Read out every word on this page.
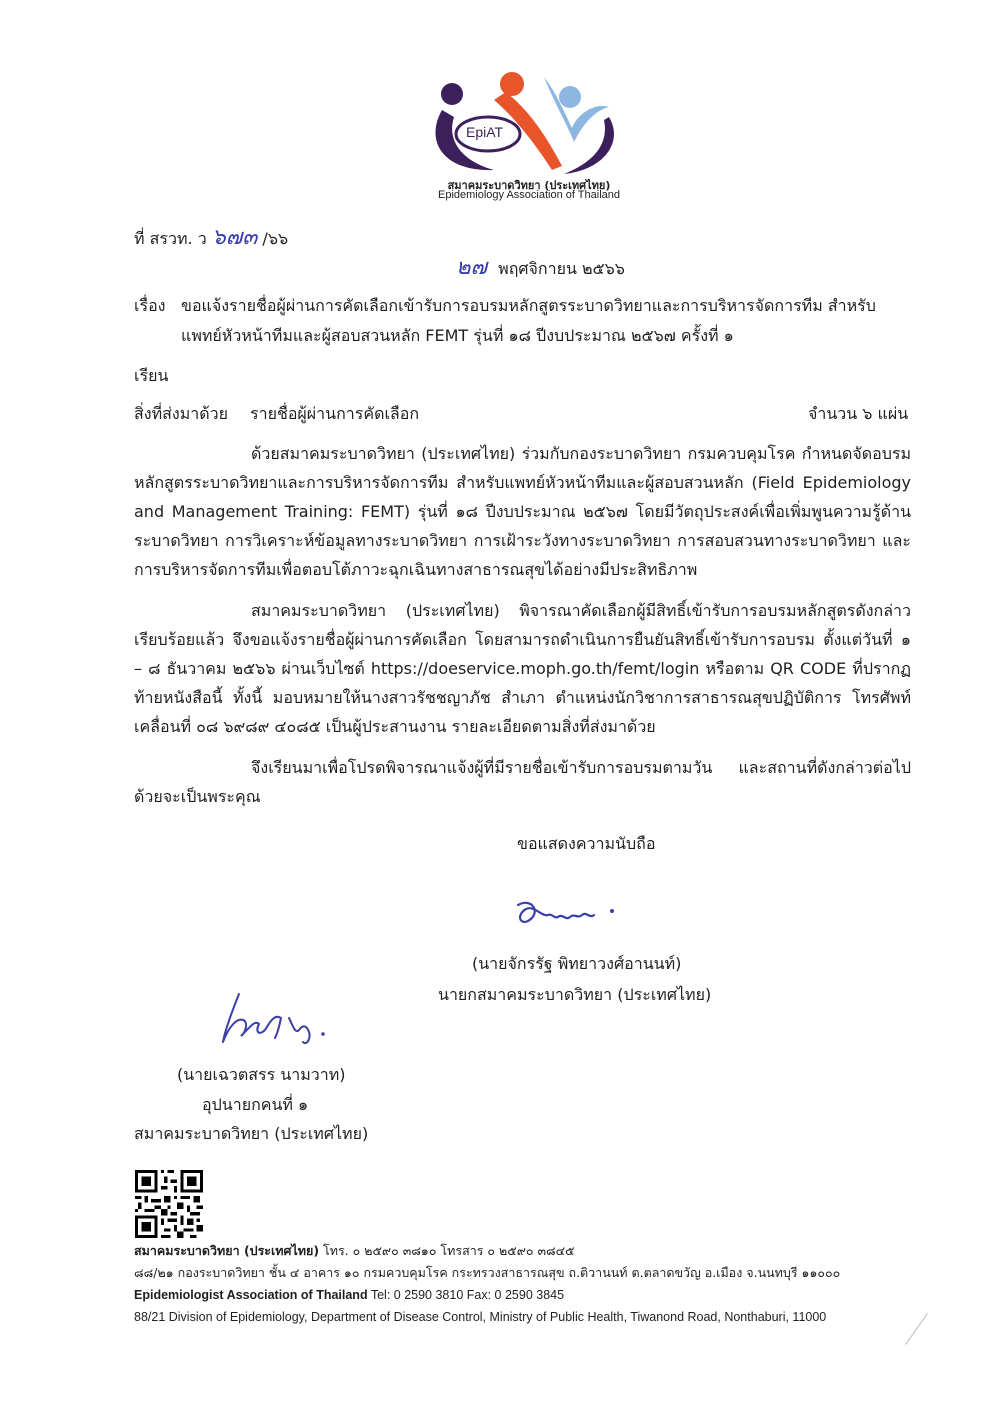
EpiAT
สมาคมระบาดวิทยา (ประเทศไทย)
Epidemiology Association of Thailand
ที่ สรวท. ว ๖๗๓ /๖๖
๒๗ พฤศจิกายน ๒๕๖๖
เรื่อง ขอแจ้งรายชื่อผู้ผ่านการคัดเลือกเข้ารับการอบรมหลักสูตรระบาดวิทยาและการบริหารจัดการทีม สำหรับ
แพทย์หัวหน้าทีมและผู้สอบสวนหลัก FEMT รุ่นที่ ๑๘ ปีงบประมาณ ๒๕๖๗ ครั้งที่ ๑
เรียน
สิ่งที่ส่งมาด้วย รายชื่อผู้ผ่านการคัดเลือก	จำนวน ๖ แผ่น

ด้วยสมาคมระบาดวิทยา (ประเทศไทย) ร่วมกับกองระบาดวิทยา กรมควบคุมโรค กำหนดจัดอบรมหลักสูตรระบาดวิทยาและการบริหารจัดการทีม สำหรับแพทย์หัวหน้าทีมและผู้สอบสวนหลัก (Field Epidemiology and Management Training: FEMT) รุ่นที่ ๑๘ ปีงบประมาณ ๒๕๖๗ โดยมีวัตถุประสงค์เพื่อเพิ่มพูนความรู้ด้านระบาดวิทยา การวิเคราะห์ข้อมูลทางระบาดวิทยา การเฝ้าระวังทางระบาดวิทยา การสอบสวนทางระบาดวิทยา และการบริหารจัดการทีมเพื่อตอบโต้ภาวะฉุกเฉินทางสาธารณสุขได้อย่างมีประสิทธิภาพ

สมาคมระบาดวิทยา (ประเทศไทย) พิจารณาคัดเลือกผู้มีสิทธิ์เข้ารับการอบรมหลักสูตรดังกล่าวเรียบร้อยแล้ว จึงขอแจ้งรายชื่อผู้ผ่านการคัดเลือก โดยสามารถดำเนินการยืนยันสิทธิ์เข้ารับการอบรม ตั้งแต่วันที่ ๑ – ๘ ธันวาคม ๒๕๖๖ ผ่านเว็บไซต์ https://doeservice.moph.go.th/femt/login หรือตาม QR CODE ที่ปรากฏท้ายหนังสือนี้ ทั้งนี้ มอบหมายให้นางสาวรัชชญาภัช สำเภา ตำแหน่งนักวิชาการสาธารณสุขปฏิบัติการ โทรศัพท์เคลื่อนที่ ๐๘ ๖๙๘๙ ๔๐๘๕ เป็นผู้ประสานงาน รายละเอียดตามสิ่งที่ส่งมาด้วย

จึงเรียนมาเพื่อโปรดพิจารณาแจ้งผู้ที่มีรายชื่อเข้ารับการอบรมตามวัน และสถานที่ดังกล่าวต่อไปด้วยจะเป็นพระคุณ

ขอแสดงความนับถือ
(นายจักรรัฐ พิทยาวงศ์อานนท์)
นายกสมาคมระบาดวิทยา (ประเทศไทย)
(นายเฉวตสรร นามวาท)
อุปนายกคนที่ ๑
สมาคมระบาดวิทยา (ประเทศไทย)
สมาคมระบาดวิทยา (ประเทศไทย) โทร. ๐ ๒๕๙๐ ๓๘๑๐ โทรสาร ๐ ๒๕๙๐ ๓๘๔๕
๘๘/๒๑ กองระบาดวิทยา ชั้น ๔ อาคาร ๑๐ กรมควบคุมโรค กระทรวงสาธารณสุข ถ.ติวานนท์ ต.ตลาดขวัญ อ.เมือง จ.นนทบุรี ๑๑๐๐๐
Epidemiologist Association of Thailand Tel: 0 2590 3810 Fax: 0 2590 3845
88/21 Division of Epidemiology, Department of Disease Control, Ministry of Public Health, Tiwanond Road, Nonthaburi, 11000
